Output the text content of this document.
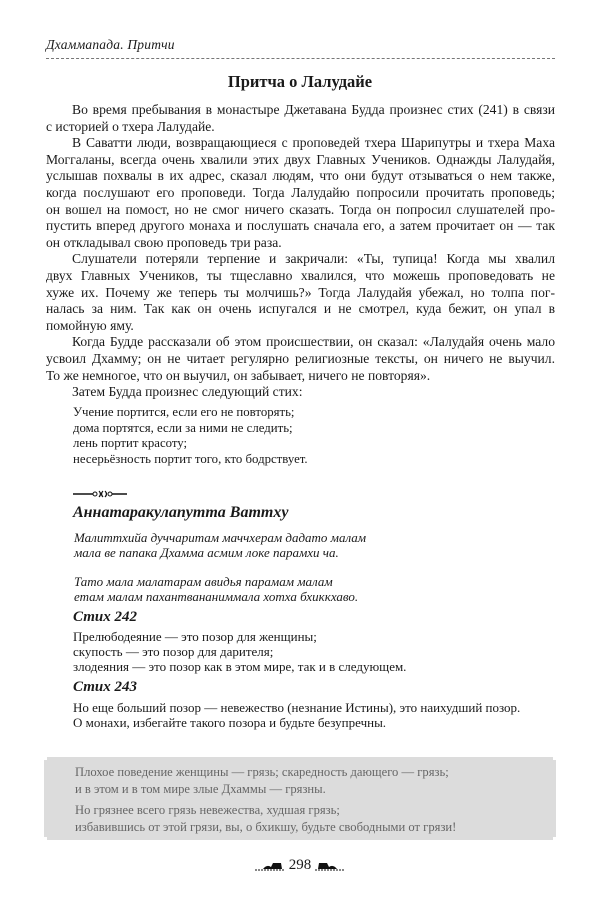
Дхаммапада. Притчи
Притча о Лалудайе
Во время пребывания в монастыре Джетавана Будда произнес стих (241) в связи
с историей о тхера Лалудайе.
В Саватти люди, возвращающиеся с проповедей тхера Шарипутры и тхера Маха
Моггаланы, всегда очень хвалили этих двух Главных Учеников. Однажды Лалудайя,
услышав похвалы в их адрес, сказал людям, что они будут отзываться о нем также,
когда послушают его проповеди. Тогда Лалудайю попросили прочитать проповедь;
он вошел на помост, но не смог ничего сказать. Тогда он попросил слушателей про-
пустить вперед другого монаха и послушать сначала его, а затем прочитает он — так
он откладывал свою проповедь три раза.
Слушатели потеряли терпение и закричали: «Ты, тупица! Когда мы хвалил
двух Главных Учеников, ты тщеславно хвалился, что можешь проповедовать не
хуже их. Почему же теперь ты молчишь?» Тогда Лалудайя убежал, но толпа пог-
налась за ним. Так как он очень испугался и не смотрел, куда бежит, он упал в
помойную яму.
Когда Будде рассказали об этом происшествии, он сказал: «Лалудайя очень мало
усвоил Дхамму; он не читает регулярно религиозные тексты, он ничего не выучил.
То же немногое, что он выучил, он забывает, ничего не повторяя».
Затем Будда произнес следующий стих:
Учение портится, если его не повторять;
дома портятся, если за ними не следить;
лень портит красоту;
несерьёзность портит того, кто бодрствует.
Аннатаракулапутта Ваттху
Малиттхийа дуччаритам маччхерам дадато малам
мала ве папака Дхамма асмим локе парамхи ча.
Тато мала малатарам авидья парамам малам
етам малам пахантвананиммала хотха бхиккхаво.
Стих 242
Прелюбодеяние — это позор для женщины;
скупость — это позор для дарителя;
злодеяния — это позор как в этом мире, так и в следующем.
Стих 243
Но еще больший позор — невежество (незнание Истины), это наихудший позор.
О монахи, избегайте такого позора и будьте безупречны.
Плохое поведение женщины — грязь; скаредность дающего — грязь;
и в этом и в том мире злые Дхаммы — грязны.
Но грязнее всего грязь невежества, худшая грязь;
избавившись от этой грязи, вы, о бхикшу, будьте свободными от грязи!
298
